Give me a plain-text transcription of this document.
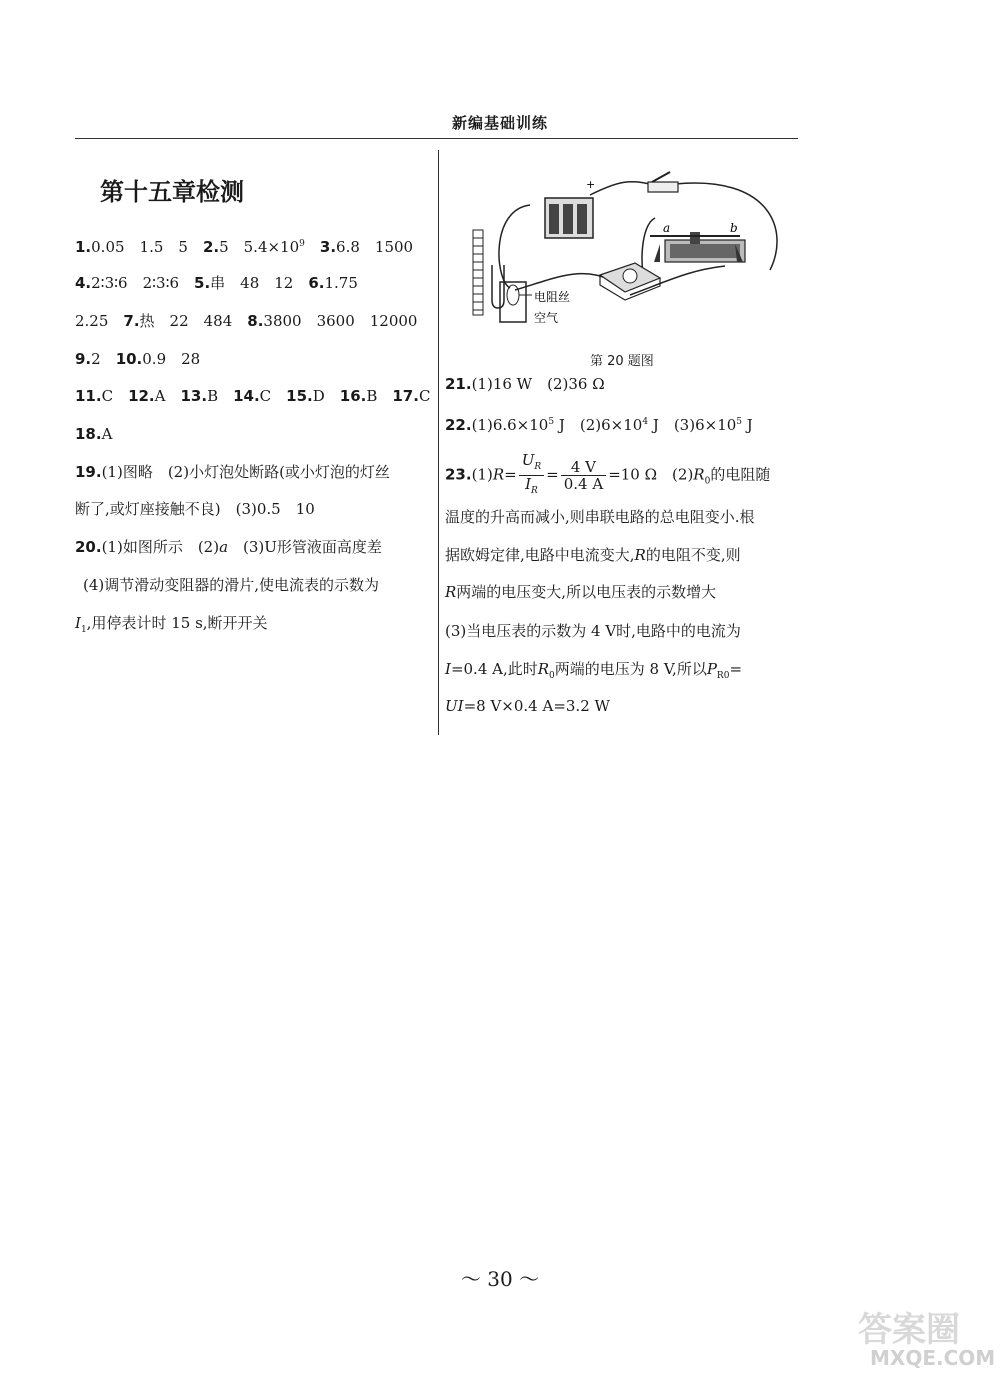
新编基础训练
第十五章检测
1.0.05　1.5　5　2.5　$5.4\times 10^9$　 3.6.8　1500
4.2∶3∶6　2∶3∶6　5.串　48　12　6.1.75
2.25　7.热　22　484　8.3800　3600　12000
9.2　10.0.9　28
11.C　12.A　13.B　14.C　15.D　16.B　17.C
18.A
19.(1)图略　(2)小灯泡处断路(或小灯泡的灯丝
断了,或灯座接触不良)　(3)0.5　10
20.(1)如图所示　(2)a　(3)U形管液面高度差
(4)调节滑动变阻器的滑片,使电流表的示数为
$I_1$,用停表计时 15 s,断开开关
+
a	b
电阻丝
空气
第 20 题图
21.(1)16 W　(2)36 Ω
$22.(1)6.6\times 10^5$ J　$(2)6\times 10^4$ J　$(3)6\times 10^5$ J
$23.(1)R= \frac{U_R}{I_R} = \frac{4 V}{0.4 A} =10$ Ω　$(2)R_0$的电阻随
温度的升高而减小,则串联电路的总电阻变小.根
据欧姆定律,电路中电流变大,R的电阻不变,则
R两端的电压变大,所以电压表的示数增大
(3)当电压表的示数为 4 V时,电路中的电流为
I=0.4 A,此时$R_0$两端的电压为 8 V,所以$P_{R0}=$
UI=8 V×0.4 A=3.2 W
～ 30 ～
答案圈
MXQE.COM
